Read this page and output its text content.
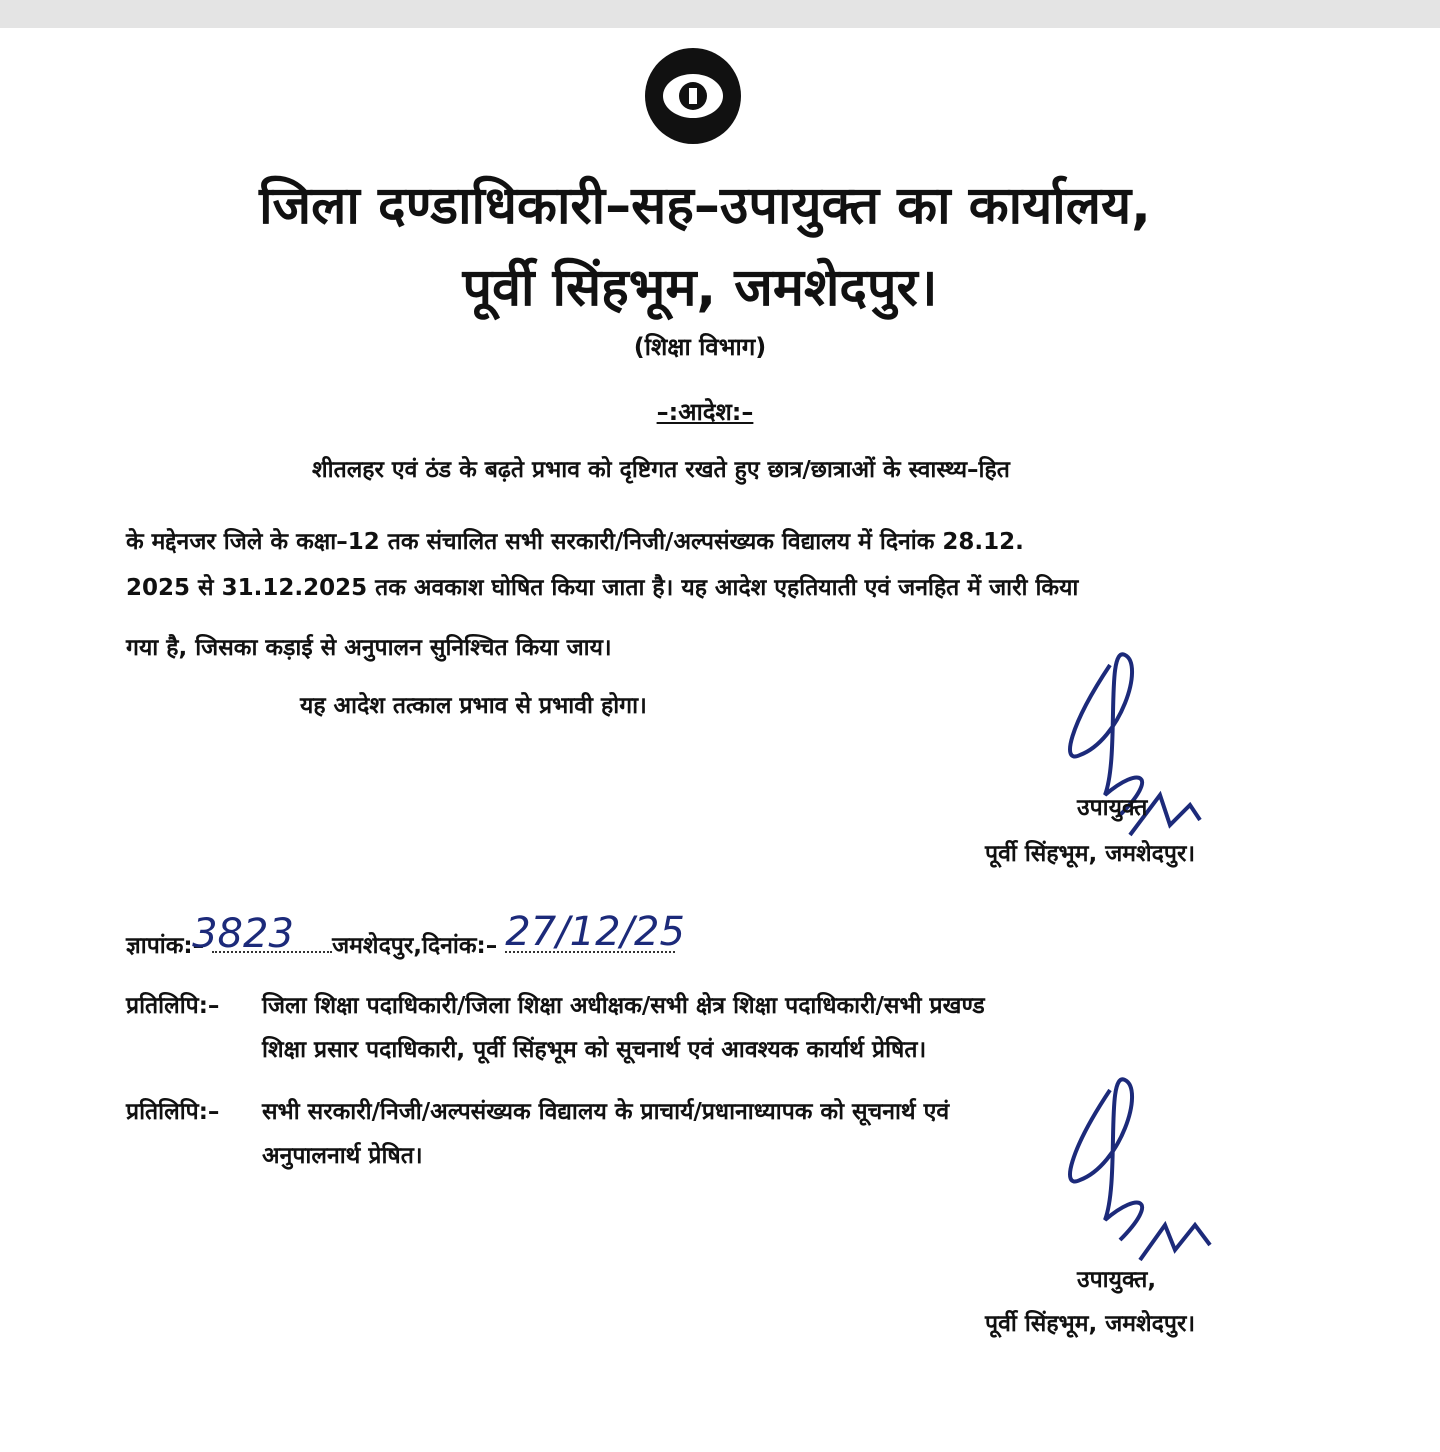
जिला दण्डाधिकारी–सह–उपायुक्त का कार्यालय,
पूर्वी सिंहभूम, जमशेदपुर।
(शिक्षा विभाग)
–:आदेश:–
शीतलहर एवं ठंड के बढ़ते प्रभाव को दृष्टिगत रखते हुए छात्र/छात्राओं के स्वास्थ्य–हित
के मद्देनजर जिले के कक्षा–12 तक संचालित सभी सरकारी/निजी/अल्पसंख्यक विद्यालय में दिनांक 28.12.
2025 से 31.12.2025 तक अवकाश घोषित किया जाता है। यह आदेश एहतियाती एवं जनहित में जारी किया
गया है, जिसका कड़ाई से अनुपालन सुनिश्चित किया जाय।
यह आदेश तत्काल प्रभाव से प्रभावी होगा।
उपायुक्त
पूर्वी सिंहभूम, जमशेदपुर।
ज्ञापांक:–
3823 जमशेदपुर,दिनांक:– 27/12/25
प्रतिलिपि:– जिला शिक्षा पदाधिकारी/जिला शिक्षा अधीक्षक/सभी क्षेत्र शिक्षा पदाधिकारी/सभी प्रखण्ड
शिक्षा प्रसार पदाधिकारी, पूर्वी सिंहभूम को सूचनार्थ एवं आवश्यक कार्यार्थ प्रेषित।
प्रतिलिपि:– सभी सरकारी/निजी/अल्पसंख्यक विद्यालय के प्राचार्य/प्रधानाध्यापक को सूचनार्थ एवं
अनुपालनार्थ प्रेषित।
उपायुक्त,
पूर्वी सिंहभूम, जमशेदपुर।
